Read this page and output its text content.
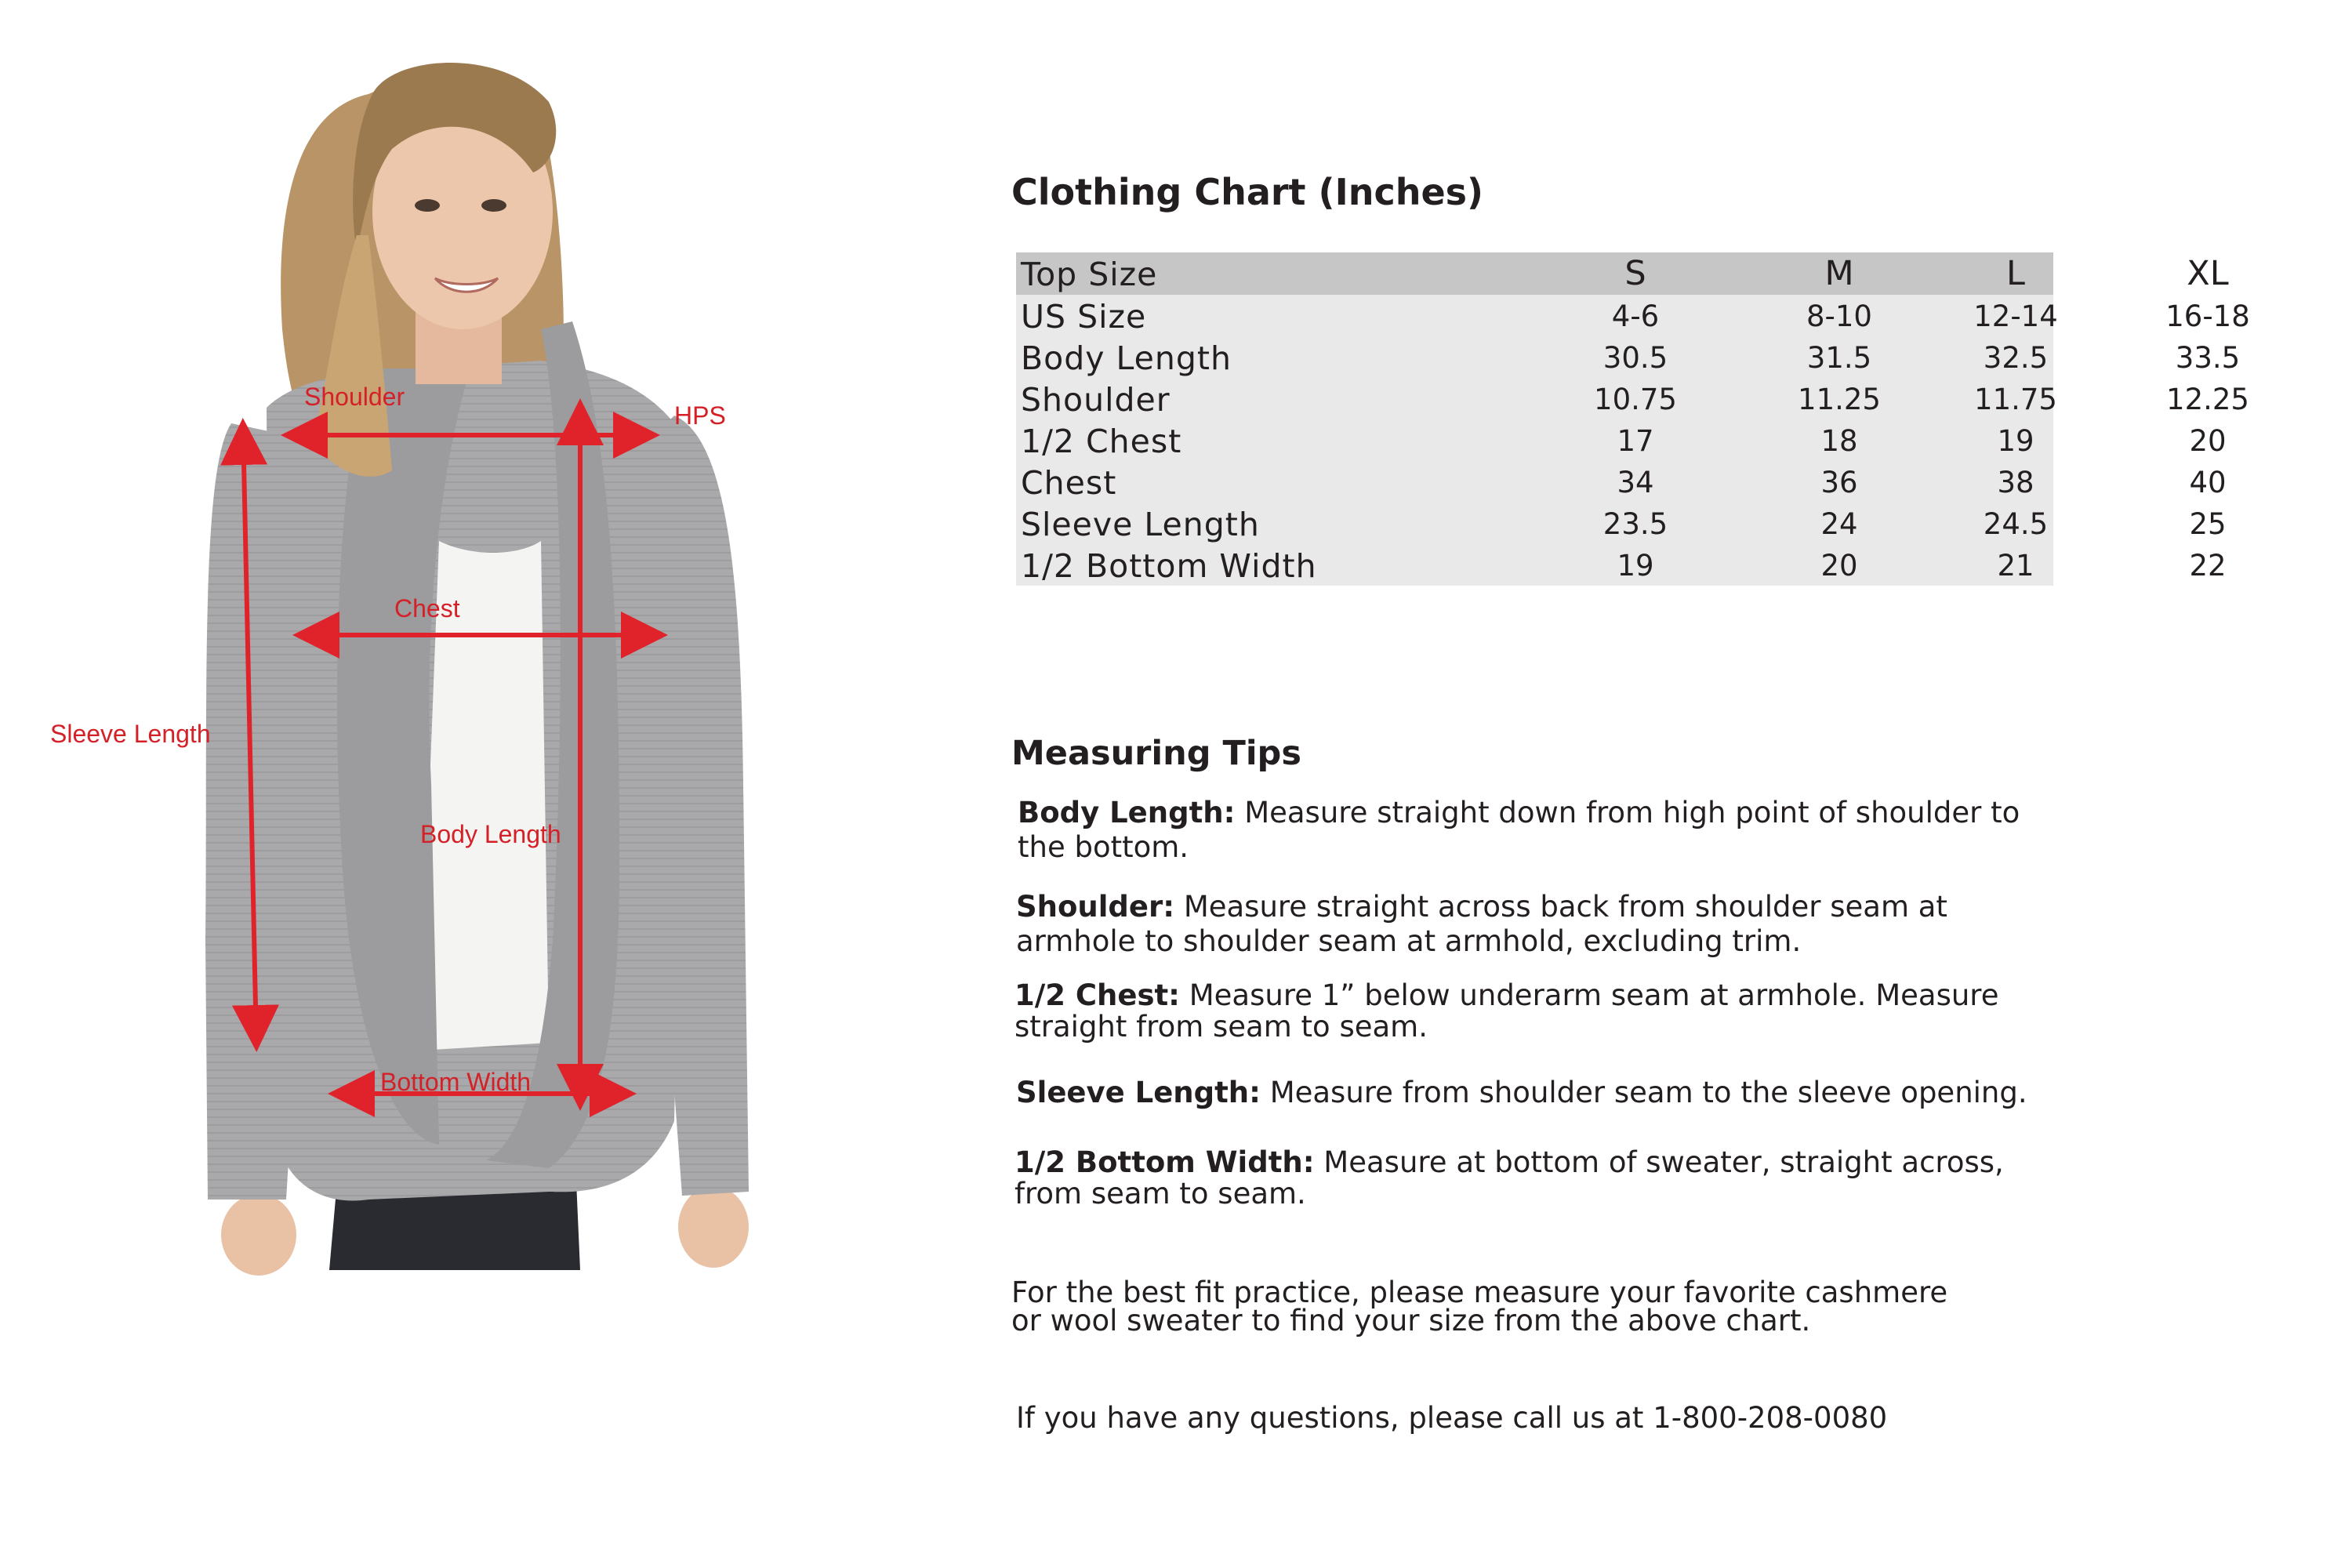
Shoulder
HPS
Chest
Sleeve Length
Body Length
Bottom Width
Clothing Chart (Inches)
Top Size	S	M	L	XL
US Size	4-6	8-10	12-14	16-18
Body Length	30.5	31.5	32.5	33.5
Shoulder	10.75	11.25	11.75	12.25
1/2 Chest	17	18	19	20
Chest	34	36	38	40
Sleeve Length	23.5	24	24.5	25
1/2 Bottom Width	19	20	21	22
Measuring Tips
Body Length: Measure straight down from high point of shoulder to the bottom.
Shoulder: Measure straight across back from shoulder seam at armhole to shoulder seam at armhold, excluding trim.
1/2 Chest: Measure 1” below underarm seam at armhole. Measure straight from seam to seam.
Sleeve Length: Measure from shoulder seam to the sleeve opening.
1/2 Bottom Width: Measure at bottom of sweater, straight across, from seam to seam.
For the best fit practice, please measure your favorite cashmere
or wool sweater to find your size from the above chart.
If you have any questions, please call us at 1-800-208-0080
